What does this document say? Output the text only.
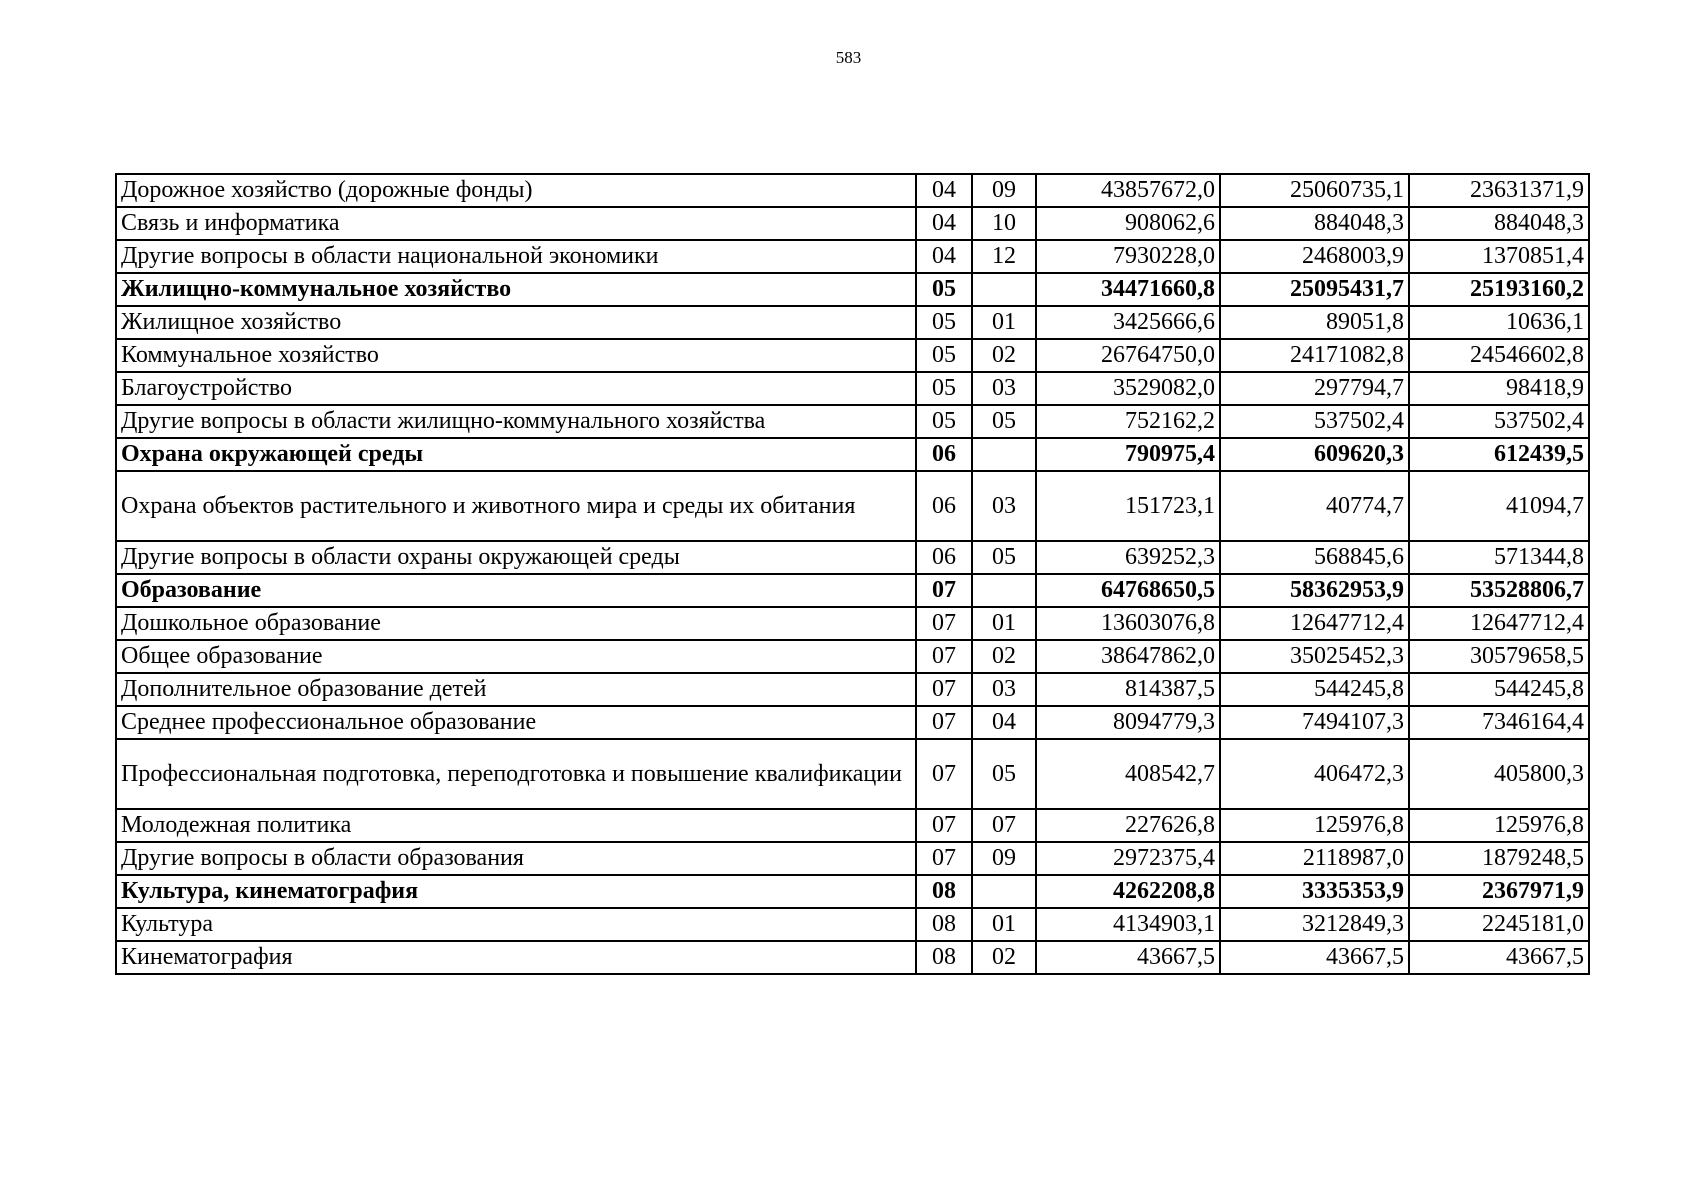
583
Дорожное хозяйство (дорожные фонды)	04	09	43857672,0	25060735,1	23631371,9
Связь и информатика	04	10	908062,6	884048,3	884048,3
Другие вопросы в области национальной экономики	04	12	7930228,0	2468003,9	1370851,4
Жилищно-коммунальное хозяйство	05		34471660,8	25095431,7	25193160,2
Жилищное хозяйство	05	01	3425666,6	89051,8	10636,1
Коммунальное хозяйство	05	02	26764750,0	24171082,8	24546602,8
Благоустройство	05	03	3529082,0	297794,7	98418,9
Другие вопросы в области жилищно-коммунального хозяйства	05	05	752162,2	537502,4	537502,4
Охрана окружающей среды	06		790975,4	609620,3	612439,5
Охрана объектов растительного и животного мира и среды их обитания	06	03	151723,1	40774,7	41094,7
Другие вопросы в области охраны окружающей среды	06	05	639252,3	568845,6	571344,8
Образование	07		64768650,5	58362953,9	53528806,7
Дошкольное образование	07	01	13603076,8	12647712,4	12647712,4
Общее образование	07	02	38647862,0	35025452,3	30579658,5
Дополнительное образование детей	07	03	814387,5	544245,8	544245,8
Среднее профессиональное образование	07	04	8094779,3	7494107,3	7346164,4
Профессиональная подготовка, переподготовка и повышение квалификации	07	05	408542,7	406472,3	405800,3
Молодежная политика	07	07	227626,8	125976,8	125976,8
Другие вопросы в области образования	07	09	2972375,4	2118987,0	1879248,5
Культура, кинематография	08		4262208,8	3335353,9	2367971,9
Культура	08	01	4134903,1	3212849,3	2245181,0
Кинематография	08	02	43667,5	43667,5	43667,5
